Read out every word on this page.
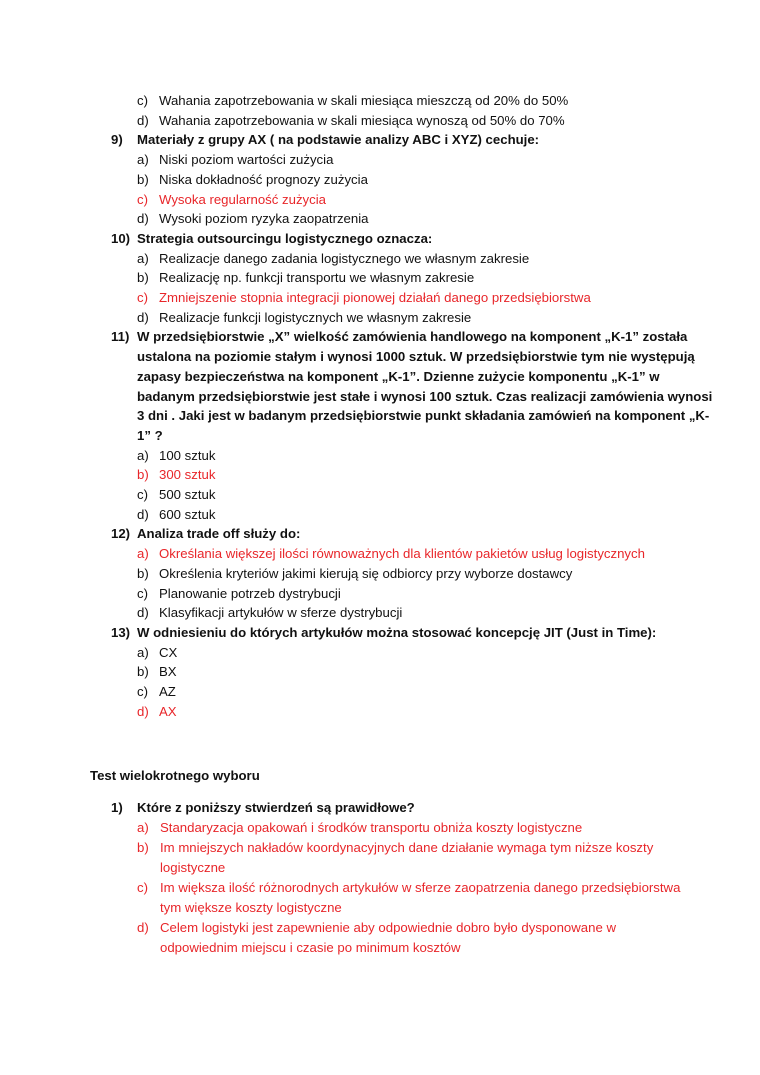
c) Wahania zapotrzebowania w skali miesiąca mieszczą od 20% do 50%
d) Wahania zapotrzebowania w skali miesiąca wynoszą od 50% do 70%
9) Materiały z grupy AX ( na podstawie analizy ABC i XYZ) cechuje:
a) Niski poziom wartości zużycia
b) Niska dokładność prognozy zużycia
c) Wysoka regularność zużycia
d) Wysoki poziom ryzyka zaopatrzenia
10) Strategia outsourcingu logistycznego oznacza:
a) Realizacje danego zadania logistycznego we własnym zakresie
b) Realizację np. funkcji transportu we własnym zakresie
c) Zmniejszenie stopnia integracji pionowej działań danego przedsiębiorstwa
d) Realizacje funkcji logistycznych we własnym zakresie
11) W przedsiębiorstwie „X” wielkość zamówienia handlowego na komponent „K-1” została
ustalona na poziomie stałym i wynosi 1000 sztuk. W przedsiębiorstwie tym nie występują
zapasy bezpieczeństwa na komponent „K-1”. Dzienne zużycie komponentu „K-1” w
badanym przedsiębiorstwie jest stałe i wynosi 100 sztuk. Czas realizacji zamówienia wynosi
3 dni . Jaki jest w badanym przedsiębiorstwie punkt składania zamówień na komponent „K-
1” ?
a) 100 sztuk
b) 300 sztuk
c) 500 sztuk
d) 600 sztuk
12) Analiza trade off służy do:
a) Określania większej ilości równoważnych dla klientów pakietów usług logistycznych
b) Określenia kryteriów jakimi kierują się odbiorcy przy wyborze dostawcy
c) Planowanie potrzeb dystrybucji
d) Klasyfikacji artykułów w sferze dystrybucji
13) W odniesieniu do których artykułów można stosować koncepcję JIT (Just in Time):
a) CX
b) BX
c) AZ
d) AX
Test wielokrotnego wyboru
1) Które z poniższy stwierdzeń są prawidłowe?
a) Standaryzacja opakowań i środków transportu obniża koszty logistyczne
b) Im mniejszych nakładów koordynacyjnych dane działanie wymaga tym niższe koszty
logistyczne
c) Im większa ilość różnorodnych artykułów w sferze zaopatrzenia danego przedsiębiorstwa
tym większe koszty logistyczne
d) Celem logistyki jest zapewnienie aby odpowiednie dobro było dysponowane w
odpowiednim miejscu i czasie po minimum kosztów
